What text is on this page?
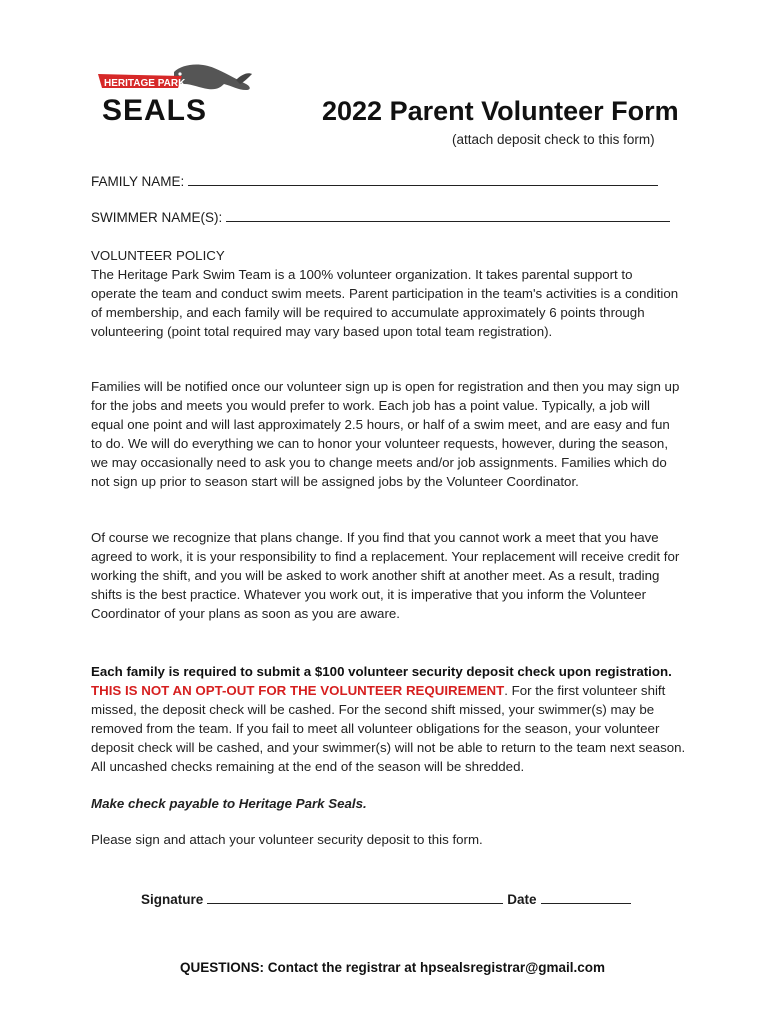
HERITAGE PARK
SEALS	2022 Parent Volunteer Form
(attach deposit check to this form)
FAMILY NAME:
SWIMMER NAME(S):

VOLUNTEER POLICY

The Heritage Park Swim Team is a 100% volunteer organization. It takes parental support to operate the team and conduct swim meets. Parent participation in the team's activities is a condition of membership, and each family will be required to accumulate approximately 6 points through volunteering (point total required may vary based upon total team registration).

Families will be notified once our volunteer sign up is open for registration and then you may sign up for the jobs and meets you would prefer to work. Each job has a point value. Typically, a job will equal one point and will last approximately 2.5 hours, or half of a swim meet, and are easy and fun to do. We will do everything we can to honor your volunteer requests, however, during the season, we may occasionally need to ask you to change meets and/or job assignments. Families which do not sign up prior to season start will be assigned jobs by the Volunteer Coordinator.

Of course we recognize that plans change. If you find that you cannot work a meet that you have agreed to work, it is your responsibility to find a replacement. Your replacement will receive credit for working the shift, and you will be asked to work another shift at another meet. As a result, trading shifts is the best practice. Whatever you work out, it is imperative that you inform the Volunteer Coordinator of your plans as soon as you are aware.

Each family is required to submit a $100 volunteer security deposit check upon registration. THIS IS NOT AN OPT-OUT FOR THE VOLUNTEER REQUIREMENT. For the first volunteer shift missed, the deposit check will be cashed. For the second shift missed, your swimmer(s) may be removed from the team. If you fail to meet all volunteer obligations for the season, your volunteer deposit check will be cashed, and your swimmer(s) will not be able to return to the team next season. All uncashed checks remaining at the end of the season will be shredded.

Make check payable to Heritage Park Seals.
Please sign and attach your volunteer security deposit to this form.
Signature	Date
QUESTIONS: Contact the registrar at hpsealsregistrar@gmail.com
